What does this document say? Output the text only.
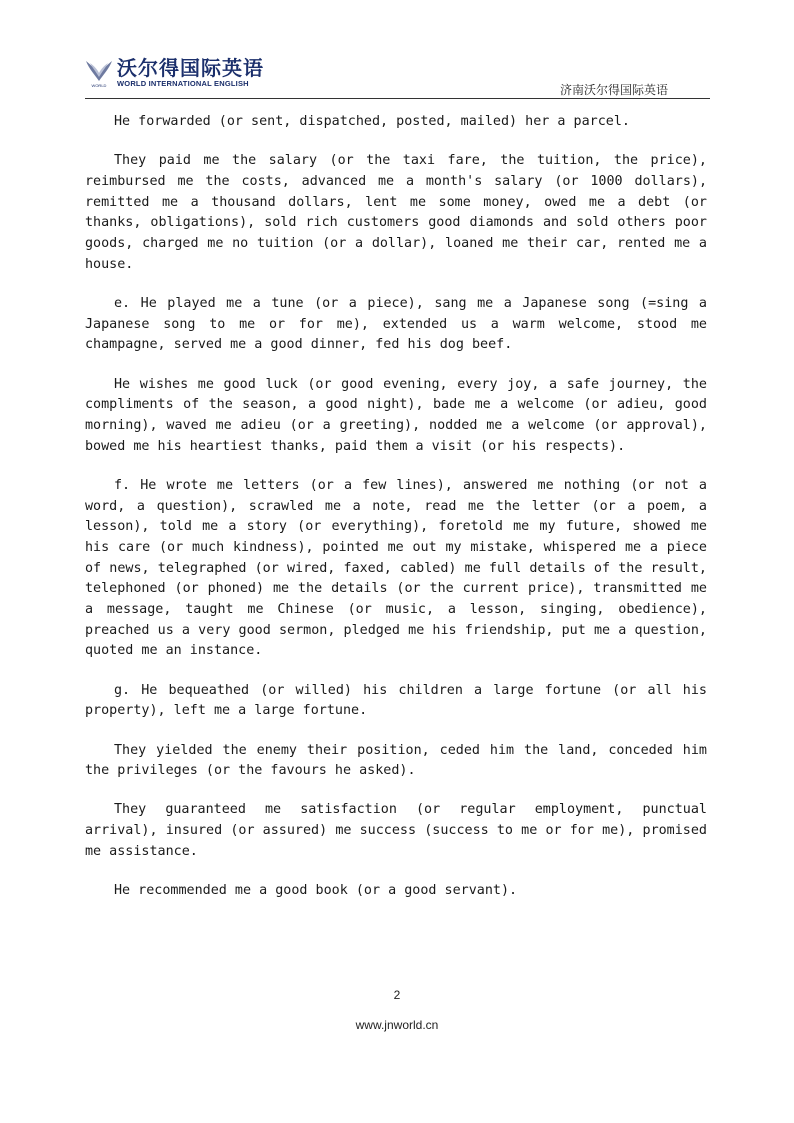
WORLD
沃尔得国际英语
WORLD INTERNATIONAL ENGLISH	济南沃尔得国际英语

He forwarded (or sent, dispatched, posted, mailed) her a parcel.

They paid me the salary (or the taxi fare, the tuition, the price), reimbursed me the costs, advanced me a month's salary (or 1000 dollars), remitted me a thousand dollars, lent me some money, owed me a debt (or thanks, obligations), sold rich customers good diamonds and sold others poor goods, charged me no tuition (or a dollar), loaned me their car, rented me a house.

e. He played me a tune (or a piece), sang me a Japanese song (=sing a Japanese song to me or for me), extended us a warm welcome, stood me champagne, served me a good dinner, fed his dog beef.

He wishes me good luck (or good evening, every joy, a safe journey, the compliments of the season, a good night), bade me a welcome (or adieu, good morning), waved me adieu (or a greeting), nodded me a welcome (or approval), bowed me his heartiest thanks, paid them a visit (or his respects).

f. He wrote me letters (or a few lines), answered me nothing (or not a word, a question), scrawled me a note, read me the letter (or a poem, a lesson), told me a story (or everything), foretold me my future, showed me his care (or much kindness), pointed me out my mistake, whispered me a piece of news, telegraphed (or wired, faxed, cabled) me full details of the result, telephoned (or phoned) me the details (or the current price), transmitted me a message, taught me Chinese (or music, a lesson, singing, obedience), preached us a very good sermon, pledged me his friendship, put me a question, quoted me an instance.

g. He bequeathed (or willed) his children a large fortune (or all his property), left me a large fortune.

They yielded the enemy their position, ceded him the land, conceded him the privileges (or the favours he asked).

They guaranteed me satisfaction (or regular employment, punctual arrival), insured (or assured) me success (success to me or for me), promised me assistance.

He recommended me a good book (or a good servant).

2
www.jnworld.cn
